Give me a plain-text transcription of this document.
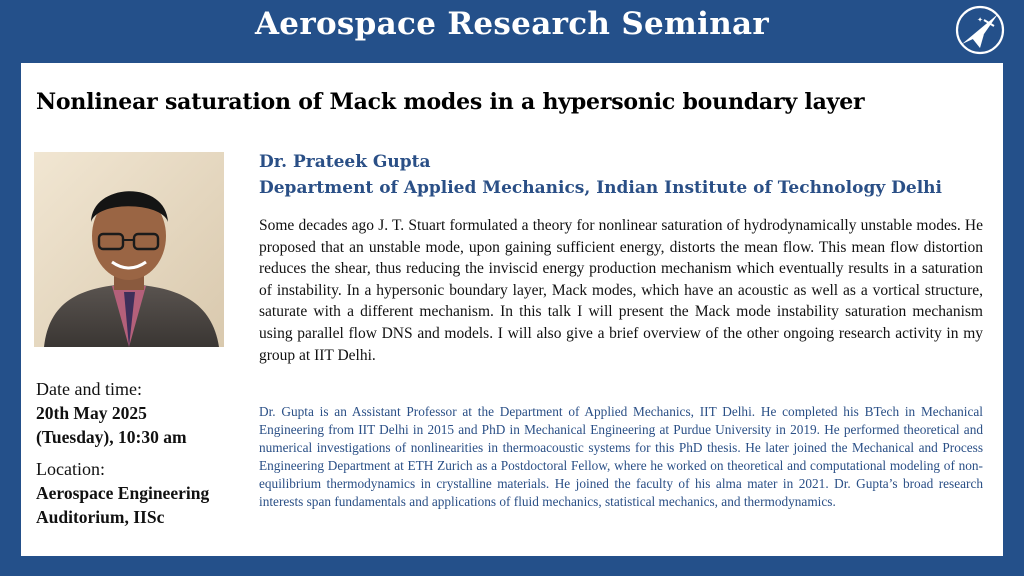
Aerospace Research Seminar	✦
Nonlinear saturation of Mack modes in a hypersonic boundary layer
Dr. Prateek Gupta
Department of Applied Mechanics, Indian Institute of Technology Delhi
Some decades ago J. T. Stuart formulated a theory for nonlinear saturation of hydrodynamically unstable modes. He proposed that an unstable mode, upon gaining sufficient energy, distorts the mean flow. This mean flow distortion reduces the shear, thus reducing the inviscid energy production mechanism which eventually results in a saturation of instability. In a hypersonic boundary layer, Mack modes, which have an acoustic as well as a vortical structure, saturate with a different mechanism. In this talk I will present the Mack mode instability saturation mechanism using parallel flow DNS and models. I will also give a brief overview of the other ongoing research activity in my group at IIT Delhi.
Dr. Gupta is an Assistant Professor at the Department of Applied Mechanics, IIT Delhi. He completed his BTech in Mechanical Engineering from IIT Delhi in 2015 and PhD in Mechanical Engineering at Purdue University in 2019. He performed theoretical and numerical investigations of nonlinearities in thermoacoustic systems for this PhD thesis. He later joined the Mechanical and Process Engineering Department at ETH Zurich as a Postdoctoral Fellow, where he worked on theoretical and computational modeling of non-equilibrium thermodynamics in crystalline materials. He joined the faculty of his alma mater in 2021. Dr. Gupta’s broad research interests span fundamentals and applications of fluid mechanics, statistical mechanics, and thermodynamics.
Date and time:
20th May 2025
(Tuesday), 10:30 am
Location:
Aerospace Engineering
Auditorium, IISc
